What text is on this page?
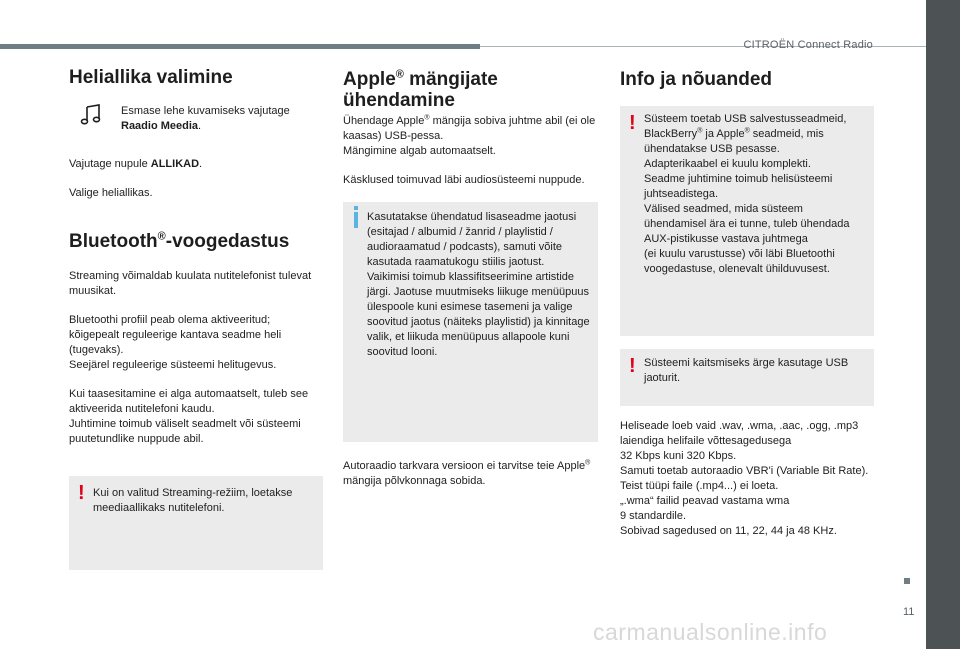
CITROËN Connect Radio
Heliallika valimine

Esmase lehe kuvamiseks vajutage Raadio Meedia.

Vajutage nupule ALLIKAD.

Valige heliallikas.

Bluetooth®-voogedastus

Streaming võimaldab kuulata nutitelefonist tulevat muusikat.

Bluetoothi profiil peab olema aktiveeritud; kõigepealt reguleerige kantava seadme heli (tugevaks).
Seejärel reguleerige süsteemi helitugevus.

Kui taasesitamine ei alga automaatselt, tuleb see aktiveerida nutitelefoni kaudu.
Juhtimine toimub väliselt seadmelt või süsteemi puutetundlike nuppude abil.

! Kui on valitud Streaming-režiim, loetakse meediaallikaks nutitelefoni.

Apple® mängijate ühendamine

Ühendage Apple® mängija sobiva juhtme abil (ei ole kaasas) USB-pessa.
Mängimine algab automaatselt.

Käsklused toimuvad läbi audiosüsteemi nuppude.

Kasutatakse ühendatud lisaseadme jaotusi (esitajad / albumid / žanrid / playlistid / audioraamatud / podcasts), samuti võite kasutada raamatukogu stiilis jaotust.
Vaikimisi toimub klassifitseerimine artistide järgi. Jaotuse muutmiseks liikuge menüüpuus ülespoole kuni esimese tasemeni ja valige soovitud jaotus (näiteks playlistid) ja kinnitage valik, et liikuda menüüpuus allapoole kuni soovitud looni.

Autoraadio tarkvara versioon ei tarvitse teie Apple® mängija põlvkonnaga sobida.

Info ja nõuanded
! Süsteem toetab USB salvestusseadmeid, BlackBerry® ja Apple® seadmeid, mis ühendatakse USB pesasse.
Adapterikaabel ei kuulu komplekti.
Seadme juhtimine toimub helisüsteemi juhtseadistega.
Välised seadmed, mida süsteem ühendamisel ära ei tunne, tuleb ühendada AUX-pistikusse vastava juhtmega
(ei kuulu varustusse) või läbi Bluetoothi voogedastuse, olenevalt ühilduvusest.

! Süsteemi kaitsmiseks ärge kasutage USB jaoturit.

Heliseade loeb vaid .wav, .wma, .aac, .ogg, .mp3 laiendiga helifaile võttesagedusega
32 Kbps kuni 320 Kbps.
Samuti toetab autoraadio VBR'i (Variable Bit Rate).
Teist tüüpi faile (.mp4...) ei loeta.
„.wma“ failid peavad vastama wma
9 standardile.
Sobivad sagedused on 11, 22, 44 ja 48 KHz.

11
carmanualsonline.info
